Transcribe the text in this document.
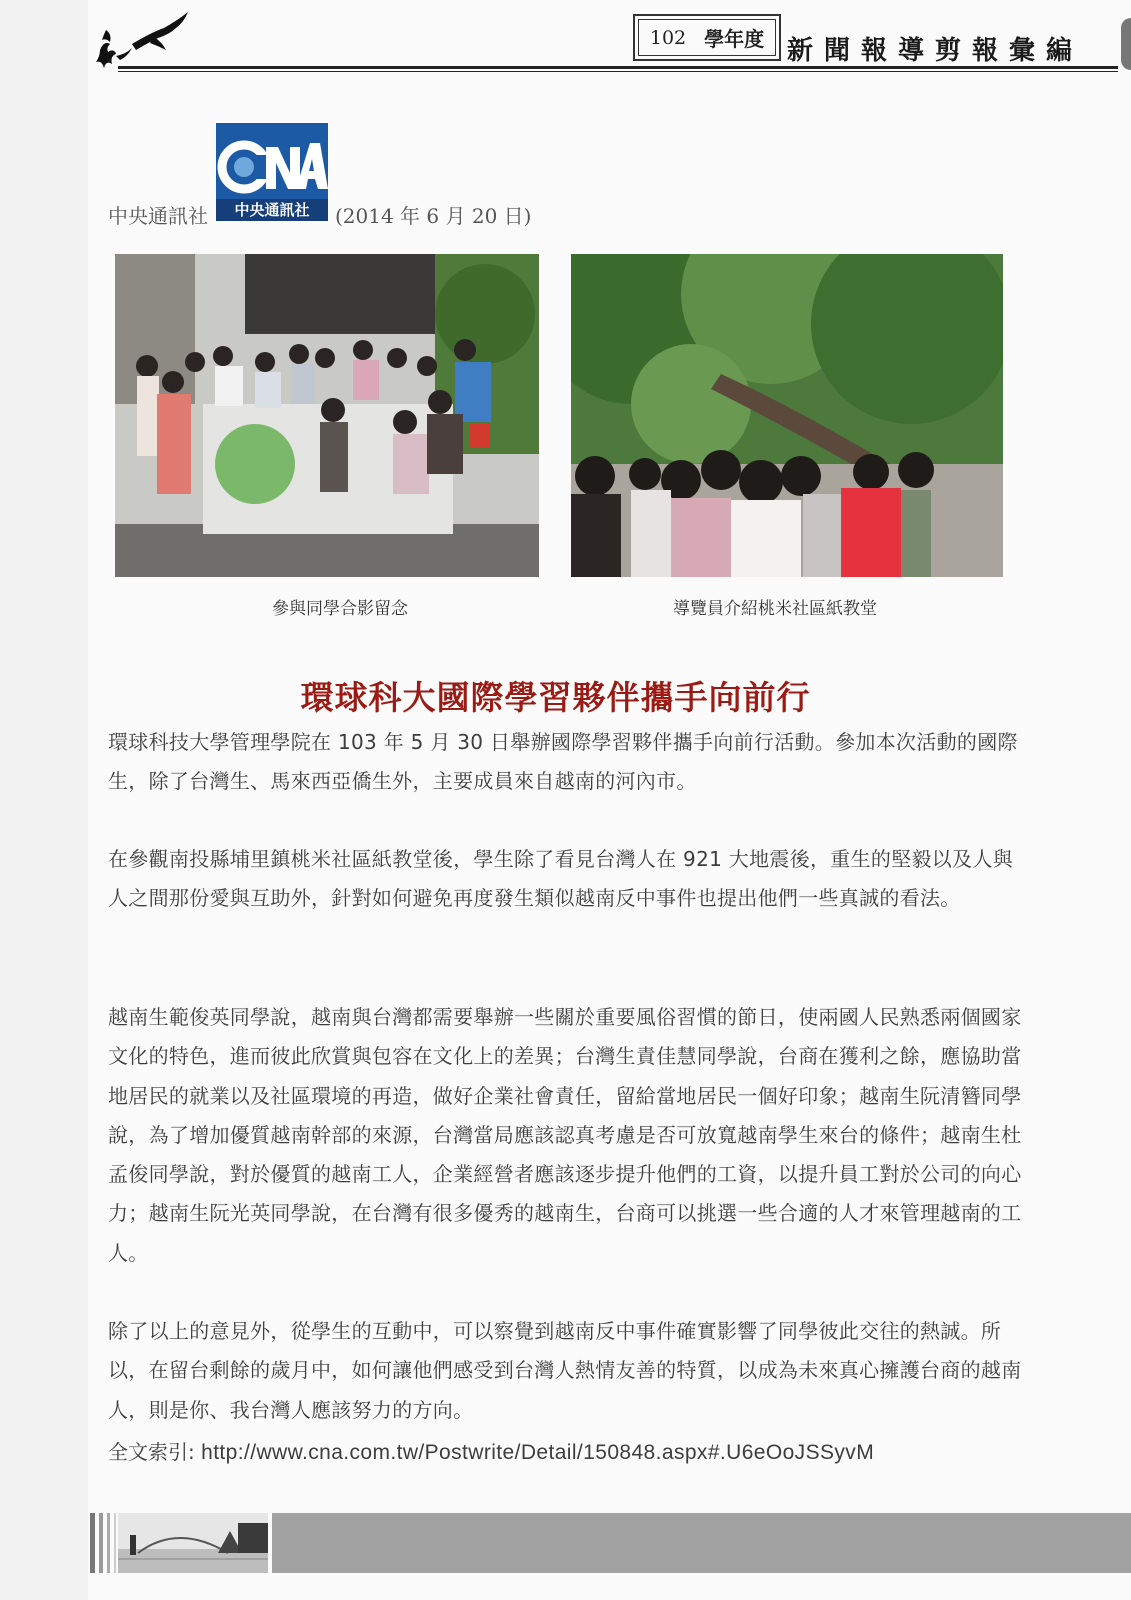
102 學年度 新聞報導剪報彙編
中央通訊社	中央通訊社	(2014 年 6 月 20 日)
參與同學合影留念	導覽員介紹桃米社區紙教堂
環球科大國際學習夥伴攜手向前行

環球科技大學管理學院在 103 年 5 月 30 日舉辦國際學習夥伴攜手向前行活動。參加本次活動的國際生，除了台灣生、馬來西亞僑生外，主要成員來自越南的河內市。

在參觀南投縣埔里鎮桃米社區紙教堂後，學生除了看見台灣人在 921 大地震後，重生的堅毅以及人與人之間那份愛與互助外，針對如何避免再度發生類似越南反中事件也提出他們一些真誠的看法。

越南生範俊英同學說，越南與台灣都需要舉辦一些關於重要風俗習慣的節日，使兩國人民熟悉兩個國家文化的特色，進而彼此欣賞與包容在文化上的差異；台灣生責佳慧同學說，台商在獲利之餘，應協助當地居民的就業以及社區環境的再造，做好企業社會責任，留給當地居民一個好印象；越南生阮清簪同學說，為了增加優質越南幹部的來源，台灣當局應該認真考慮是否可放寬越南學生來台的條件；越南生杜孟俊同學說，對於優質的越南工人，企業經營者應該逐步提升他們的工資，以提升員工對於公司的向心力；越南生阮光英同學說，在台灣有很多優秀的越南生，台商可以挑選一些合適的人才來管理越南的工人。

除了以上的意見外，從學生的互動中，可以察覺到越南反中事件確實影響了同學彼此交往的熱誠。所以，在留台剩餘的歲月中，如何讓他們感受到台灣人熱情友善的特質，以成為未來真心擁護台商的越南人，則是你、我台灣人應該努力的方向。

全文索引: http://www.cna.com.tw/Postwrite/Detail/150848.aspx#.U6eOoJSSyvM
